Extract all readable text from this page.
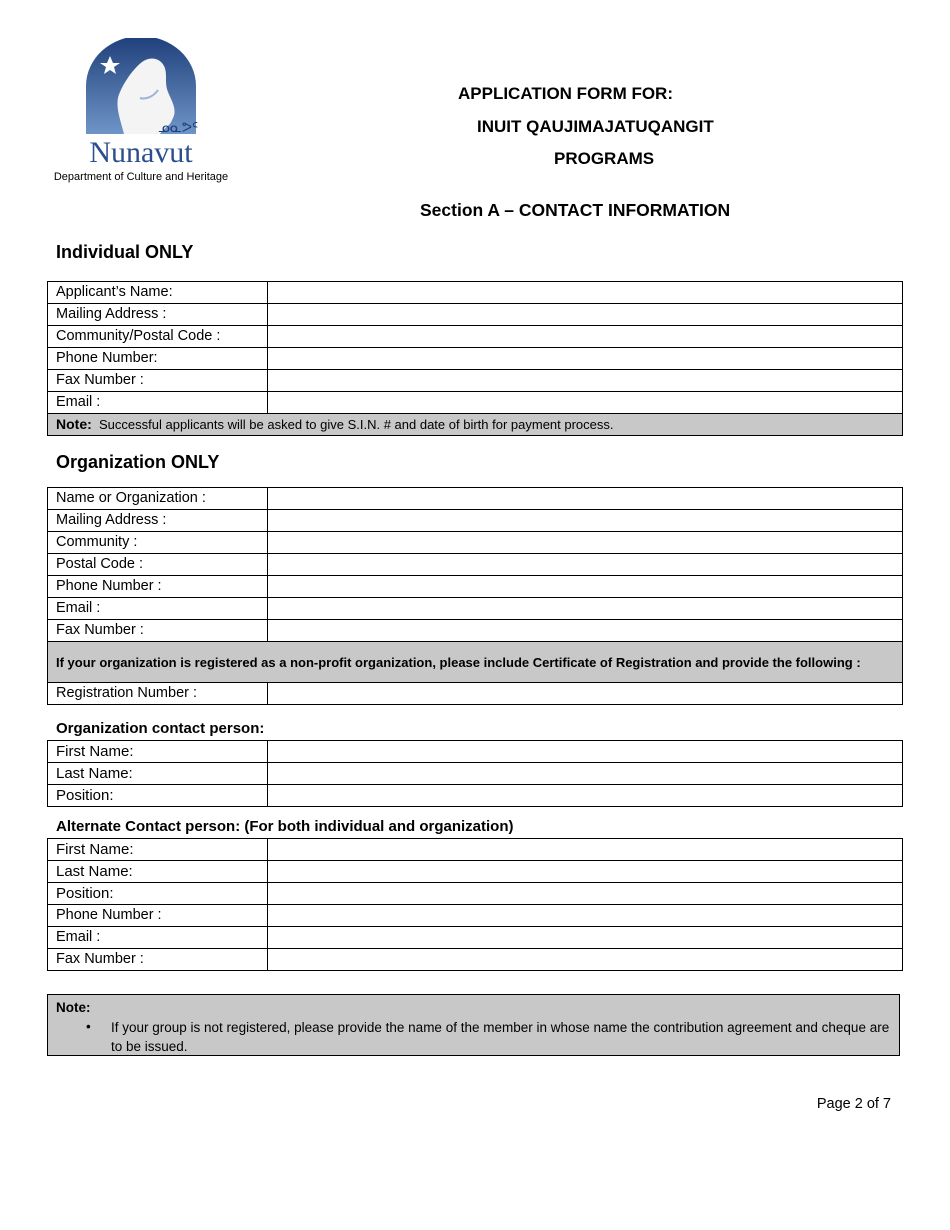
ᓄᓇᕗᑦ
Nunavut
Department of Culture and Heritage
APPLICATION FORM FOR:
INUIT QAUJIMAJATUQANGIT
PROGRAMS
Section A – CONTACT INFORMATION
Individual ONLY
Applicant’s Name:	
Mailing Address :	
Community/Postal Code :	
Phone Number:	
Fax Number :	
Email :	
Note: Successful applicants will be asked to give S.I.N. # and date of birth for payment process.	
Organization ONLY
Name or Organization :	
Mailing Address :	
Community :	
Postal Code :	
Phone Number :	
Email :	
Fax Number :	
If your organization is registered as a non-profit organization, please include Certificate of Registration and provide the following :	
Registration Number :	
Organization contact person:
First Name:	
Last Name:	
Position:	
Alternate Contact person: (For both individual and organization)
First Name:	
Last Name:	
Position:	
Phone Number :	
Email :	
Fax Number :	
Note:
• If your group is not registered, please provide the name of the member in whose name the contribution agreement and cheque are to be issued.
Page 2 of 7
